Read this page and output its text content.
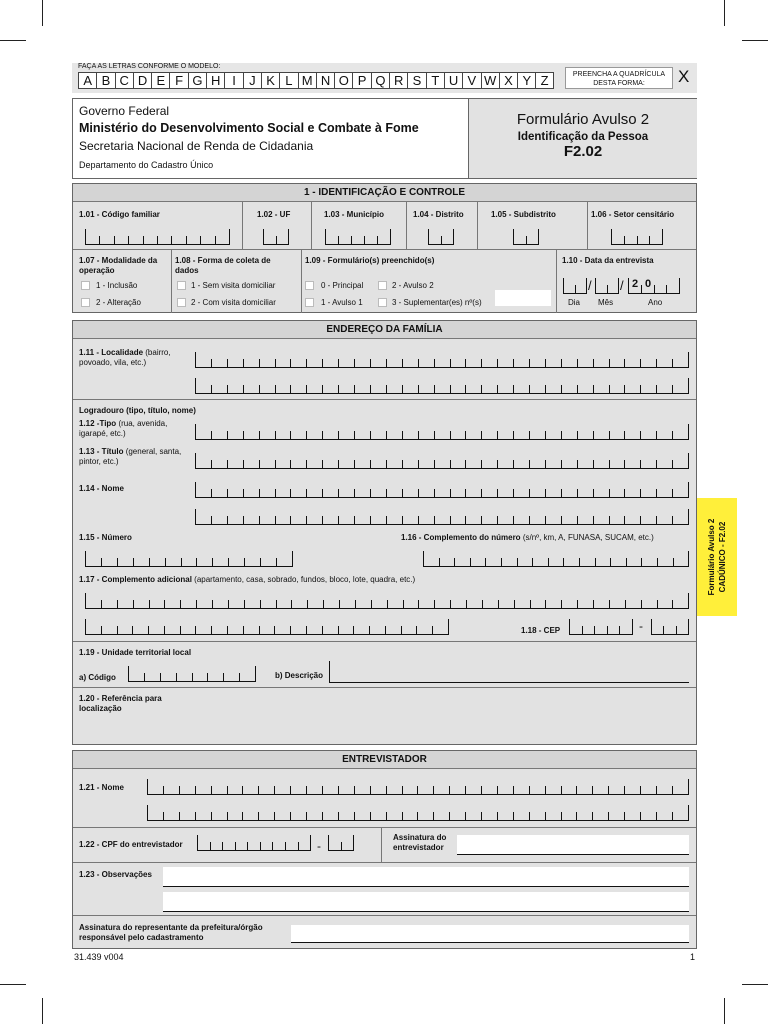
FAÇA AS LETRAS CONFORME O MODELO:
A B C D E F G H I	J K L M N O P Q R S T U V W X Y Z	PREENCHA A QUADRÍCULA DESTA FORMA:	X
Governo Federal
Ministério do Desenvolvimento Social e Combate à Fome
Secretaria Nacional de Renda de Cidadania
Departamento do Cadastro Único
Formulário Avulso 2
Identificação da Pessoa
F2.02
1 - IDENTIFICAÇÃO E CONTROLE
1.01 - Código familiar	1.02 - UF	1.03 - Município	1.04 - Distrito	1.05 - Subdistrito	1.06 - Setor censitário
1.07 - Modalidade da operação
1 - Inclusão
2 - Alteração
1.08 - Forma de coleta de dados
1 - Sem visita domiciliar
2 - Com visita domiciliar
1.09 - Formulário(s) preenchido(s)
0 - Principal	2 - Avulso 2
1 - Avulso 1	3 - Suplementar(es) nº(s)
1.10 - Data da entrevista
/ / 2 0
Dia Mês	Ano
ENDEREÇO DA FAMÍLIA
1.11 - Localidade (bairro, povoado, vila, etc.)
Logradouro (tipo, título, nome)
1.12 -Tipo (rua, avenida, igarapé, etc.)
1.13 - Título (general, santa, pintor, etc.)
1.14 - Nome
1.15 - Número	1.16 - Complemento do número (s/nº, km, A, FUNASA, SUCAM, etc.)
1.17 - Complemento adicional (apartamento, casa, sobrado, fundos, bloco, lote, quadra, etc.)
1.18 - CEP	-
1.19 - Unidade territorial local
a) Código	b) Descrição
1.20 - Referência para localização
ENTREVISTADOR
1.21 - Nome
1.22 - CPF do entrevistador	-
Assinatura do entrevistador
1.23 - Observações
Assinatura do representante da prefeitura/órgão responsável pelo cadastramento
Formulário Avulso 2 CADÚNICO - F2.02
31.439 v004	1
